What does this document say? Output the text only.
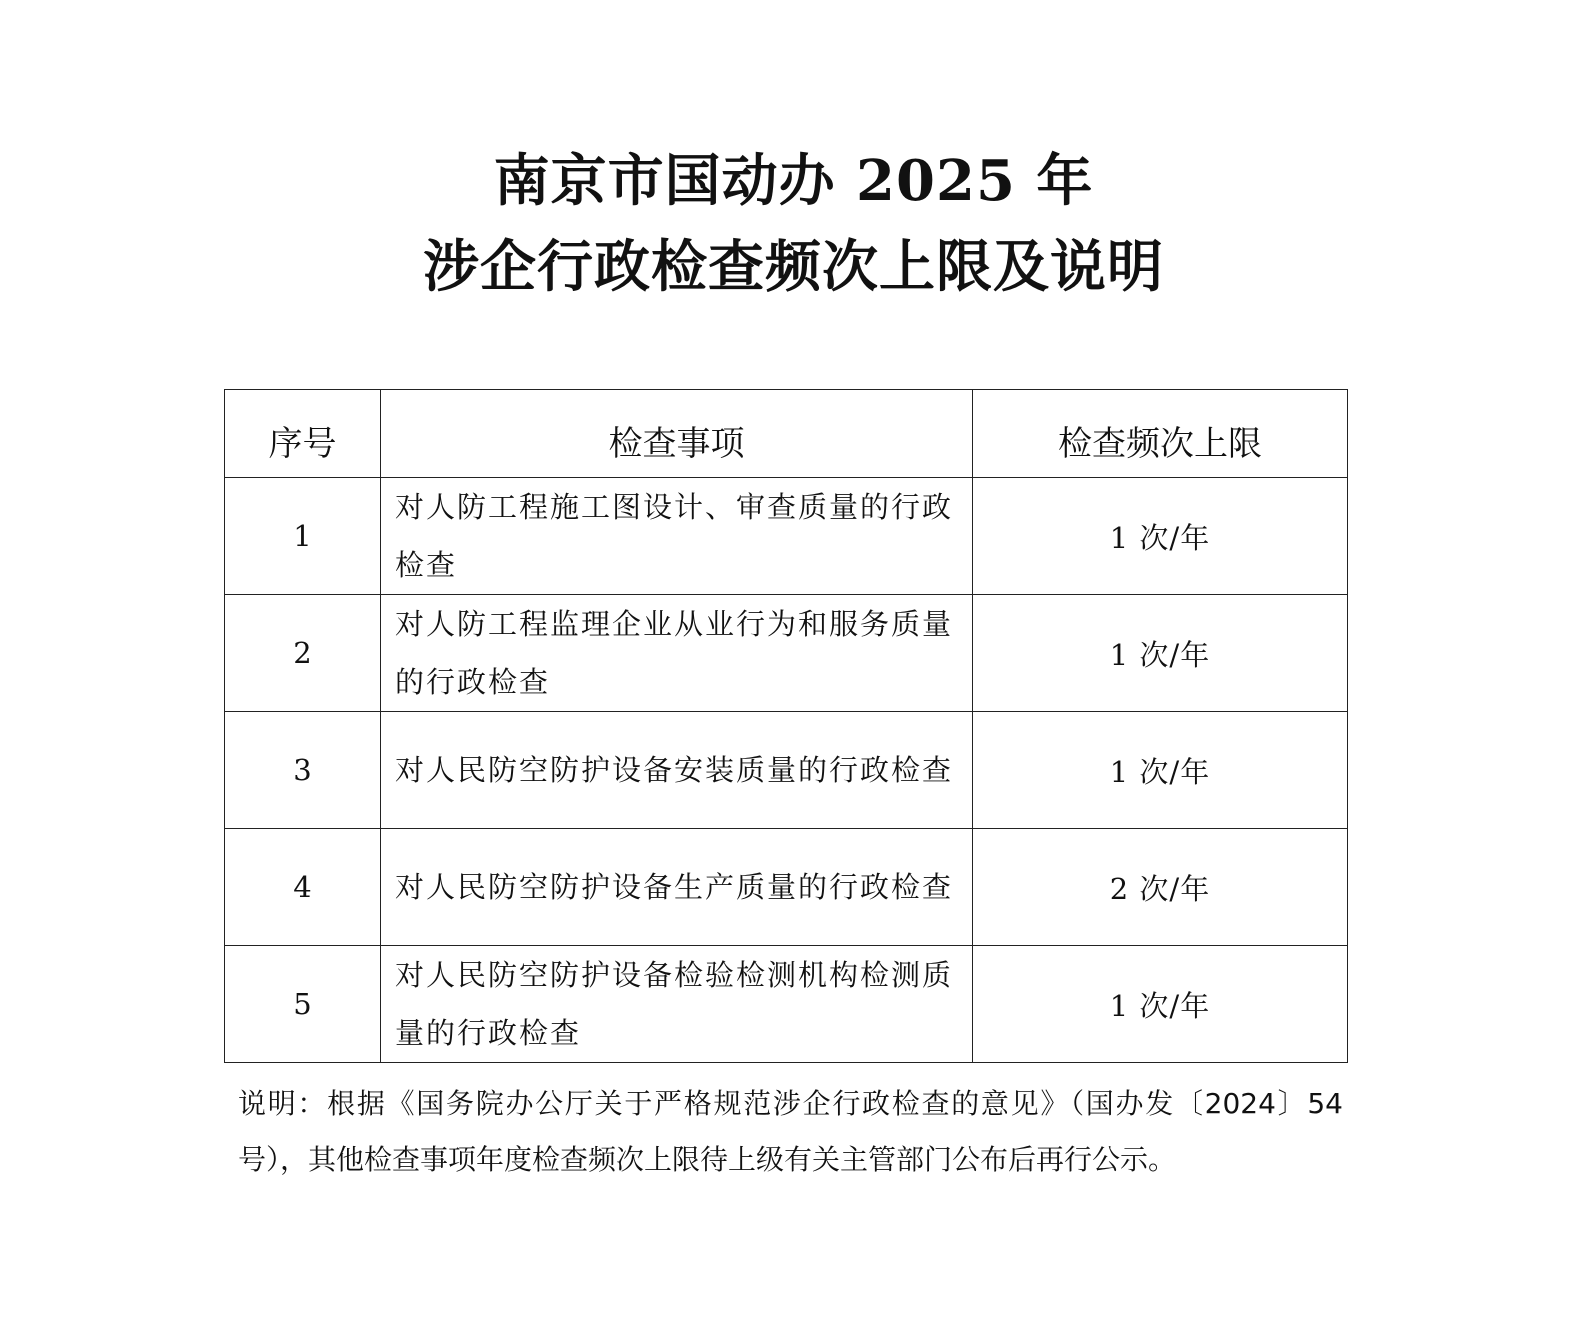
南京市国动办 2025 年
涉企行政检查频次上限及说明
序号	检查事项	检查频次上限
1	对人防工程施工图设计、审查质量的行政检查	1 次/年
2	对人防工程监理企业从业行为和服务质量的行政检查	1 次/年
3	对人民防空防护设备安装质量的行政检查	1 次/年
4	对人民防空防护设备生产质量的行政检查	2 次/年
5	对人民防空防护设备检验检测机构检测质量的行政检查	1 次/年
说明：根据《国务院办公厅关于严格规范涉企行政检查的意见》（国办发〔2024〕54 号），其他检查事项年度检查频次上限待上级有关主管部门公布后再行公示。
